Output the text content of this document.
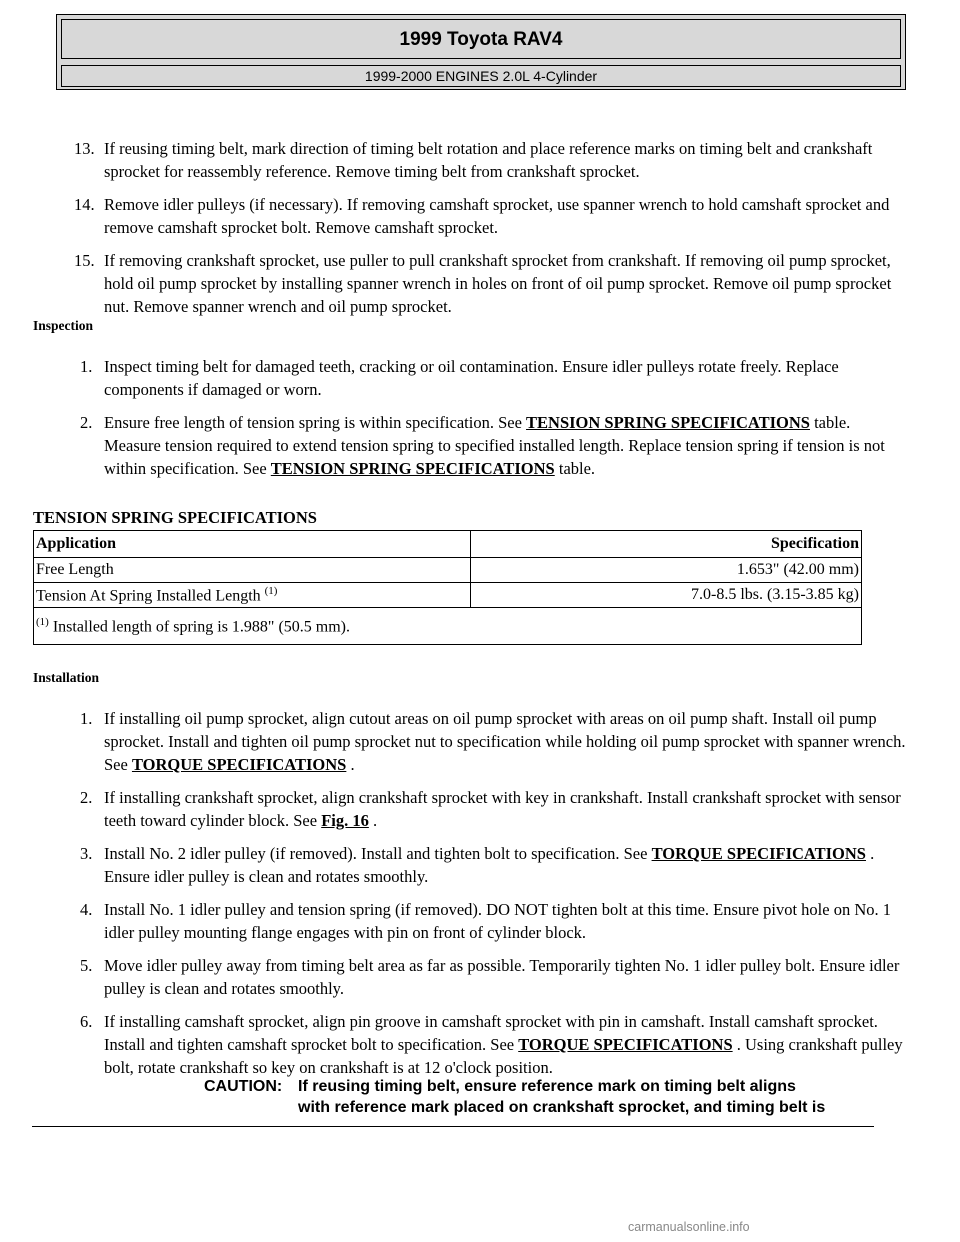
1999 Toyota RAV4
1999-2000 ENGINES 2.0L 4-Cylinder
13. If reusing timing belt, mark direction of timing belt rotation and place reference marks on timing belt and crankshaft sprocket for reassembly reference. Remove timing belt from crankshaft sprocket.
14. Remove idler pulleys (if necessary). If removing camshaft sprocket, use spanner wrench to hold camshaft sprocket and remove camshaft sprocket bolt. Remove camshaft sprocket.
15. If removing crankshaft sprocket, use puller to pull crankshaft sprocket from crankshaft. If removing oil pump sprocket, hold oil pump sprocket by installing spanner wrench in holes on front of oil pump sprocket. Remove oil pump sprocket nut. Remove spanner wrench and oil pump sprocket.
Inspection
1. Inspect timing belt for damaged teeth, cracking or oil contamination. Ensure idler pulleys rotate freely. Replace components if damaged or worn.
2. Ensure free length of tension spring is within specification. See TENSION SPRING SPECIFICATIONS table. Measure tension required to extend tension spring to specified installed length. Replace tension spring if tension is not within specification. See TENSION SPRING SPECIFICATIONS table.
TENSION SPRING SPECIFICATIONS
Application	Specification
Free Length	1.653" (42.00 mm)
Tension At Spring Installed Length $^{(1)}$	7.0-8.5 lbs. (3.15-3.85 kg)
$^{(1)}$ Installed length of spring is 1.988" (50.5 mm).	
Installation
1. If installing oil pump sprocket, align cutout areas on oil pump sprocket with areas on oil pump shaft. Install oil pump sprocket. Install and tighten oil pump sprocket nut to specification while holding oil pump sprocket with spanner wrench. See TORQUE SPECIFICATIONS .
2. If installing crankshaft sprocket, align crankshaft sprocket with key in crankshaft. Install crankshaft sprocket with sensor teeth toward cylinder block. See Fig. 16 .
3. Install No. 2 idler pulley (if removed). Install and tighten bolt to specification. See TORQUE SPECIFICATIONS . Ensure idler pulley is clean and rotates smoothly.
4. Install No. 1 idler pulley and tension spring (if removed). DO NOT tighten bolt at this time. Ensure pivot hole on No. 1 idler pulley mounting flange engages with pin on front of cylinder block.
5. Move idler pulley away from timing belt area as far as possible. Temporarily tighten No. 1 idler pulley bolt. Ensure idler pulley is clean and rotates smoothly.
6. If installing camshaft sprocket, align pin groove in camshaft sprocket with pin in camshaft. Install camshaft sprocket. Install and tighten camshaft sprocket bolt to specification. See TORQUE SPECIFICATIONS . Using crankshaft pulley bolt, rotate crankshaft so key on crankshaft is at 12 o'clock position.
CAUTION: If reusing timing belt, ensure reference mark on timing belt aligns
with reference mark placed on crankshaft sprocket, and timing belt is
carmanualsonline.info
